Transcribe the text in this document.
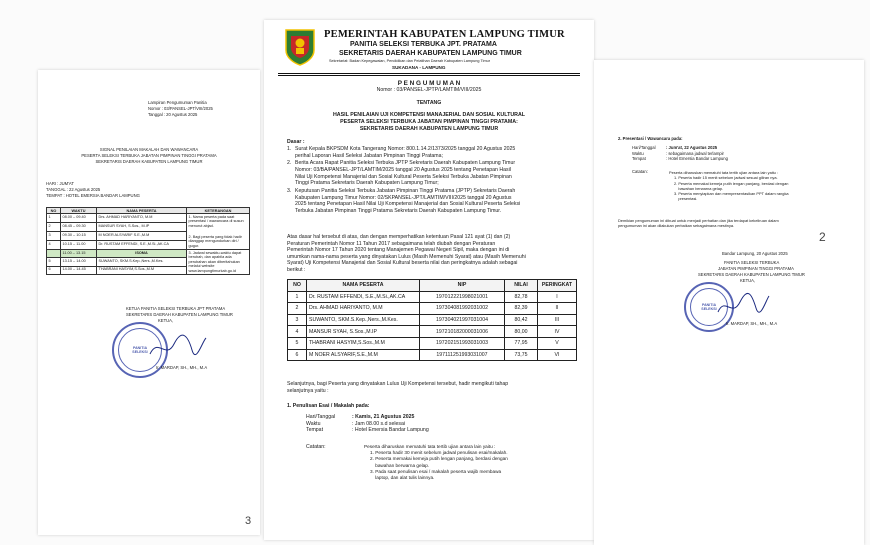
Lampiran Pengumuman Panitia
Nomor : 03/PANSEL-JPT/VIII/2025
Tanggal : 20 Agustus 2025
SIGNAL PENILAIAN MAKALAH DAN WAWANCARA
PESERTA SELEKSI TERBUKA JABATAN PIMPINAN TINGGI PRATAMA
SEKRETARIS DAERAH KABUPATEN LAMPUNG TIMUR
HARI : JUM'AT
TANGGAL : 22 Agustus 2025
TEMPAT : HOTEL EMERSIA BANDAR LAMPUNG
NO	WAKTU	NAMA PESERTA	KETERANGAN
1	08.00 – 09.40	Drs. AHMAD HARIYANTO, M.M	1. Nama peserta pada saat presentasi / wawancara di susun menurut abjad.
2. Bagi peserta yang tidak hadir dianggap mengundurkan diri / gugur.

2	08.45 – 09.30	MANSUR SYAH, S.Sos., M.IP	
3	09.30 – 10.15	M NOER ALSYARIF S.E.,M.M	
4	10.15 – 11.00	Dr. RUSTAM EFFENDI, S.E.,M.Si.,AK.CA	
	11.00 – 13.15	ISOMA	3. Jadwal sewaktu-waktu dapat berubah, dan apabila ada perubahan akan diberitahukan melalui website www.lampungtimurkab.go.id

5	13.15 – 14.00	SUWANTO, SKM.S.Kep.,Ners.,M.Kes.	
6	14.00 – 14.45	THABRANI HASYIM,S.Sos.,M.M	
KETUA PANITIA SELEKSI TERBUKA JPT PRATAMA
SEKRETARIS DAERAH KABUPATEN LAMPUNG TIMUR
KETUA,
PANITIA SELEKSI
Ir. MARDAP, SH., MH., M.A
3
PEMERINTAH KABUPATEN LAMPUNG TIMUR
PANITIA SELEKSI TERBUKA JPT. PRATAMA
SEKRETARIS DAERAH KABUPATEN LAMPUNG TIMUR
Sekretariat: Badan Kepegawaian, Pendidikan dan Pelatihan Daerah Kabupaten Lampung Timur
SUKADANA - LAMPUNG
P E N G U M U M A N
Nomor : 03/PANSEL-JPTP/LAMTIM/VIII/2025
TENTANG
HASIL PENILAIAN UJI KOMPETENSI MANAJERIAL DAN SOSIAL KULTURAL
PESERTA SELEKSI TERBUKA JABATAN PIMPINAN TINGGI PRATAMA:
SEKRETARIS DAERAH KABUPATEN LAMPUNG TIMUR
Dasar :
1. Surat Kepala BKPSDM Kota Tangerang Nomor: 800.1.14.2/1373/2025 tanggal 20 Agustus 2025
perihal Laporan Hasil Seleksi Jabatan Pimpinan Tinggi Pratama;
2. Berita Acara Rapat Panitia Seleksi Terbuka JPTP Sekretaris Daerah Kabupaten Lampung Timur
Nomor: 03/BA/PANSEL-JPT/LAMTIM/2025 tanggal 20 Agustus 2025 tentang Penetapan Hasil
Nilai Uji Kompetensi Manajerial dan Sosial Kultural Peserta Seleksi Terbuka Jabatan Pimpinan
Tinggi Pratama Sekretaris Daerah Kabupaten Lampung Timur;
3. Keputusan Panitia Seleksi Terbuka Jabatan Pimpinan Tinggi Pratama (JPTP) Sekretaris Daerah
Kabupaten Lampung Timur Nomor: 02/SKPANSEL-JPT/LAMTIM/VIII/2025 tanggal 20 Agustus
2025 tentang Penetapan Hasil Nilai Uji Kompetensi Manajerial dan Sosial Kultural Peserta Seleksi
Terbuka Jabatan Pimpinan Tinggi Pratama Sekretaris Daerah Kabupaten Lampung Timur.
Atas dasar hal tersebut di atas, dan dengan memperhatikan ketentuan Pasal 121 ayat (1) dan (2)
Peraturan Pemerintah Nomor 11 Tahun 2017 sebagaimana telah diubah dengan Peraturan
Pemerintah Nomor 17 Tahun 2020 tentang Manajemen Pegawai Negeri Sipil, maka dengan ini di
umumkan nama-nama peserta yang dinyatakan Lulus (Masih Memenuhi Syarat) atau (Masih Memenuhi
Syarat) Uji Kompetensi Manajerial dan Sosial Kultural beserta nilai dan peringkatnya adalah sebagai
berikut :
NO	NAMA PESERTA	NIP	NILAI	PERINGKAT
1	Dr. RUSTAM EFFENDI, S.E.,M.Si.,AK.CA	197012221998021001	82,78	I
2	Drs. AHMAD HARIYANTO, M.M	197304081992031002	82,39	II
3	SUWANTO, SKM.S.Kep.,Ners.,M.Kes.	197304021997031004	80,42	III
4	MANSUR SYAH, S.Sos.,M.IP	197210182000031006	80,00	IV
5	THABRANI HASYIM,S.Sos.,M.M	197202151993031003	77,95	V
6	M NOER ALSYARIF,S.E.,M.M	197111251993031007	73,75	VI
Selanjutnya, bagi Peserta yang dinyatakan Lulus Uji Kompetensi tersebut, hadir mengikuti tahap
selanjutnya yaitu :
1. Penulisan Esai / Makalah pada:
Hari/Tanggal	: Kamis, 21 Agustus 2025
Waktu	: Jam 08.00 s.d selesai
Tempat	: Hotel Emersia Bandar Lampung
Catatan:	Peserta diharuskan mematuhi tata tertib ujian antara lain yaitu :
1. Peserta hadir 30 menit sebelum jadwal penulisan esai/makalah.
2. Peserta memakai kemeja putih lengan panjang, berdasi dengan
bawahan berwarna gelap.
3. Pada saat penulisan esai / makalah peserta wajib membawa
laptop, dan alat tulis lainnya.
2. Presentasi / Wawancara pada:
Hari/Tanggal	: Jum'at, 22 Agustus 2025
Waktu	: sebagaimana jadwal terlampir
Tempat	: Hotel Emersia Bandar Lampung
Catatan:	Peserta diharuskan mematuhi tata tertib ujian antara lain yaitu :
1. Peserta hadir 15 menit sebelum jadwal sesuai giliran nya.
2. Peserta memakai kemeja putih lengan panjang, berdasi dengan
bawahan berwarna gelap.
3. Peserta menyiapkan dan mempresentasikan PPT dalam rangka
presentasi.
Demikian pengumuman ini dibuat untuk menjadi perhatian dan jika terdapat kekeliruan dalam
pengumuman ini akan dilakukan perbaikan sebagaimana mestinya.
2
Bandar Lampung, 20 Agustus 2025
PANITIA SELEKSI TERBUKA
JABATAN PIMPINAN TINGGI PRATAMA
SEKRETARIS DAERAH KABUPATEN LAMPUNG TIMUR
KETUA,
PANITIA SELEKSI
Ir. MARDAP, SH., MH., M.A
